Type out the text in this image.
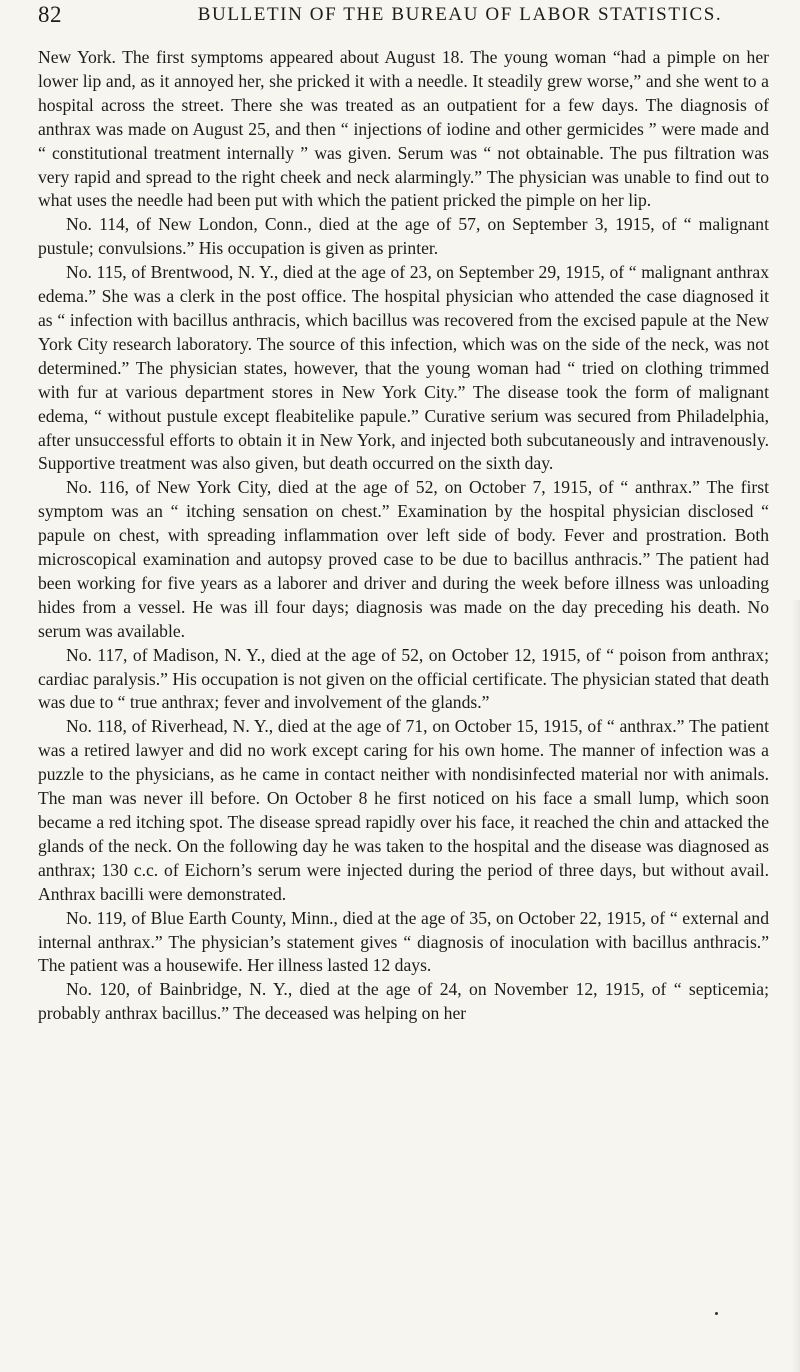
82	BULLETIN OF THE BUREAU OF LABOR STATISTICS.

New York. The first symptoms appeared about August 18. The young woman “had a pimple on her lower lip and, as it annoyed her, she pricked it with a needle. It steadily grew worse,” and she went to a hospital across the street. There she was treated as an outpatient for a few days. The diagnosis of anthrax was made on August 25, and then “ injections of iodine and other germicides ” were made and “ constitutional treatment internally ” was given. Serum was “ not obtainable. The pus filtration was very rapid and spread to the right cheek and neck alarmingly.” The physician was unable to find out to what uses the needle had been put with which the patient pricked the pimple on her lip.

No. 114, of New London, Conn., died at the age of 57, on September 3, 1915, of “ malignant pustule; convulsions.” His occupation is given as printer.

No. 115, of Brentwood, N. Y., died at the age of 23, on September 29, 1915, of “ malignant anthrax edema.” She was a clerk in the post office. The hospital physician who attended the case diagnosed it as “ infection with bacillus anthracis, which bacillus was recovered from the excised papule at the New York City research laboratory. The source of this infection, which was on the side of the neck, was not determined.” The physician states, however, that the young woman had “ tried on clothing trimmed with fur at various department stores in New York City.” The disease took the form of malignant edema, “ without pustule except fleabitelike papule.” Curative serium was secured from Philadelphia, after unsuccessful efforts to obtain it in New York, and injected both subcutaneously and intravenously. Supportive treatment was also given, but death occurred on the sixth day.

No. 116, of New York City, died at the age of 52, on October 7, 1915, of “ anthrax.” The first symptom was an “ itching sensation on chest.” Examination by the hospital physician disclosed “ papule on chest, with spreading inflammation over left side of body. Fever and prostration. Both microscopical examination and autopsy proved case to be due to bacillus anthracis.” The patient had been working for five years as a laborer and driver and during the week before illness was unloading hides from a vessel. He was ill four days; diagnosis was made on the day preceding his death. No serum was available.

No. 117, of Madison, N. Y., died at the age of 52, on October 12, 1915, of “ poison from anthrax; cardiac paralysis.” His occupation is not given on the official certificate. The physician stated that death was due to “ true anthrax; fever and involvement of the glands.”

No. 118, of Riverhead, N. Y., died at the age of 71, on October 15, 1915, of “ anthrax.” The patient was a retired lawyer and did no work except caring for his own home. The manner of infection was a puzzle to the physicians, as he came in contact neither with nondisinfected material nor with animals. The man was never ill before. On October 8 he first noticed on his face a small lump, which soon became a red itching spot. The disease spread rapidly over his face, it reached the chin and attacked the glands of the neck. On the following day he was taken to the hospital and the disease was diagnosed as anthrax; 130 c.c. of Eichorn’s serum were injected during the period of three days, but without avail. Anthrax bacilli were demonstrated.

No. 119, of Blue Earth County, Minn., died at the age of 35, on October 22, 1915, of “ external and internal anthrax.” The physician’s statement gives “ diagnosis of inoculation with bacillus anthracis.” The patient was a housewife. Her illness lasted 12 days.

No. 120, of Bainbridge, N. Y., died at the age of 24, on November 12, 1915, of “ septicemia; probably anthrax bacillus.” The deceased was helping on her
